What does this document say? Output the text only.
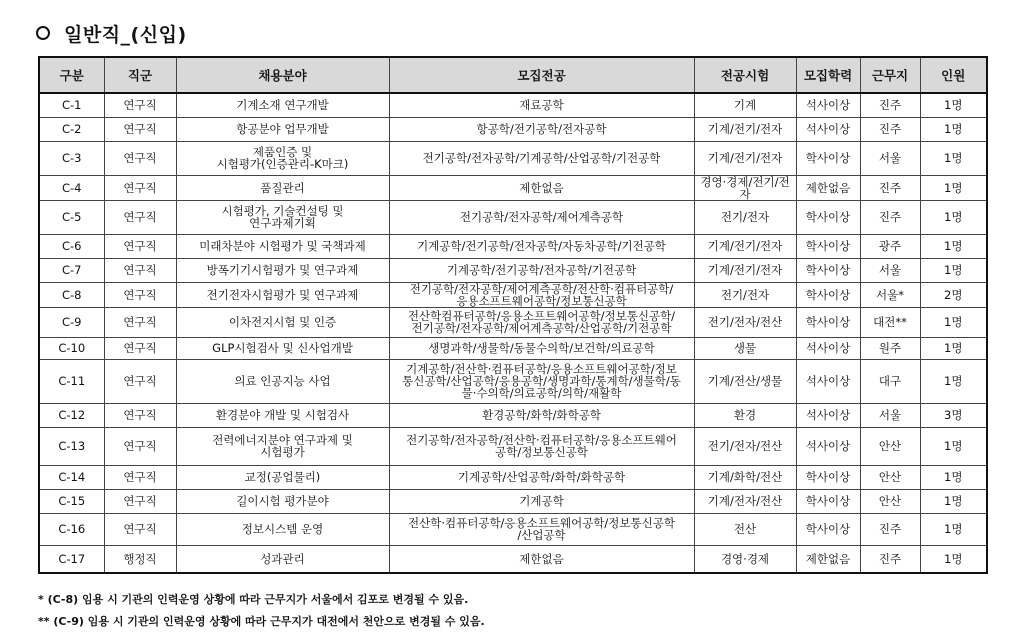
일반직_(신입)
구분	직군	채용분야	모집전공	전공시험	모집학력	근무지	인원
C-1	연구직	기계소재 연구개발	재료공학	기계	석사이상	진주	1명
C-2	연구직	항공분야 업무개발	항공학/전기공학/전자공학	기계/전기/전자	석사이상	진주	1명
C-3	연구직	제품인증 및
시험평가(인증관리-K마크)	전기공학/전자공학/기계공학/산업공학/기전공학	기계/전기/전자	학사이상	서울	1명
C-4	연구직	품질관리	제한없음	경영·경제/전기/전자	제한없음	진주	1명
C-5	연구직	시험평가, 기술컨설팅 및
연구과제기획	전기공학/전자공학/제어계측공학	전기/전자	학사이상	진주	1명
C-6	연구직	미래차분야 시험평가 및 국책과제	기계공학/전기공학/전자공학/자동차공학/기전공학	기계/전기/전자	학사이상	광주	1명
C-7	연구직	방폭기기시험평가 및 연구과제	기계공학/전기공학/전자공학/기전공학	기계/전기/전자	학사이상	서울	1명
C-8	연구직	전기전자시험평가 및 연구과제	전기공학/전자공학/제어계측공학/전산학·컴퓨터공학/
응용소프트웨어공학/정보통신공학	전기/전자	학사이상	서울*	2명
C-9	연구직	이차전지시험 및 인증	전산학컴퓨터공학/응용소프트웨어공학/정보통신공학/
전기공학/전자공학/제어계측공학/산업공학/기전공학	전기/전자/전산	학사이상	대전**	1명
C-10	연구직	GLP시험검사 및 신사업개발	생명과학/생물학/동물수의학/보건학/의료공학	생물	석사이상	원주	1명
C-11	연구직	의료 인공지능 사업	기계공학/전산학·컴퓨터공학/응용소프트웨어공학/정보
통신공학/산업공학/응용공학/생명과학/통계학/생물학/동
물·수의학/의료공학/의학/재활학	기계/전산/생물	석사이상	대구	1명
C-12	연구직	환경분야 개발 및 시험검사	환경공학/화학/화학공학	환경	석사이상	서울	3명
C-13	연구직	전력에너지분야 연구과제 및
시험평가	전기공학/전자공학/전산학·컴퓨터공학/응용소프트웨어
공학/정보통신공학	전기/전자/전산	석사이상	안산	1명
C-14	연구직	교정(공업물리)	기계공학/산업공학/화학/화학공학	기계/화학/전산	학사이상	안산	1명
C-15	연구직	길이시험 평가분야	기계공학	기계/전자/전산	학사이상	안산	1명
C-16	연구직	정보시스템 운영	전산학·컴퓨터공학/응용소프트웨어공학/정보통신공학
/산업공학	전산	학사이상	진주	1명
C-17	행정직	성과관리	제한없음	경영·경제	제한없음	진주	1명
* (C-8) 임용 시 기관의 인력운영 상황에 따라 근무지가 서울에서 김포로 변경될 수 있음.
** (C-9) 임용 시 기관의 인력운영 상황에 따라 근무지가 대전에서 천안으로 변경될 수 있음.
